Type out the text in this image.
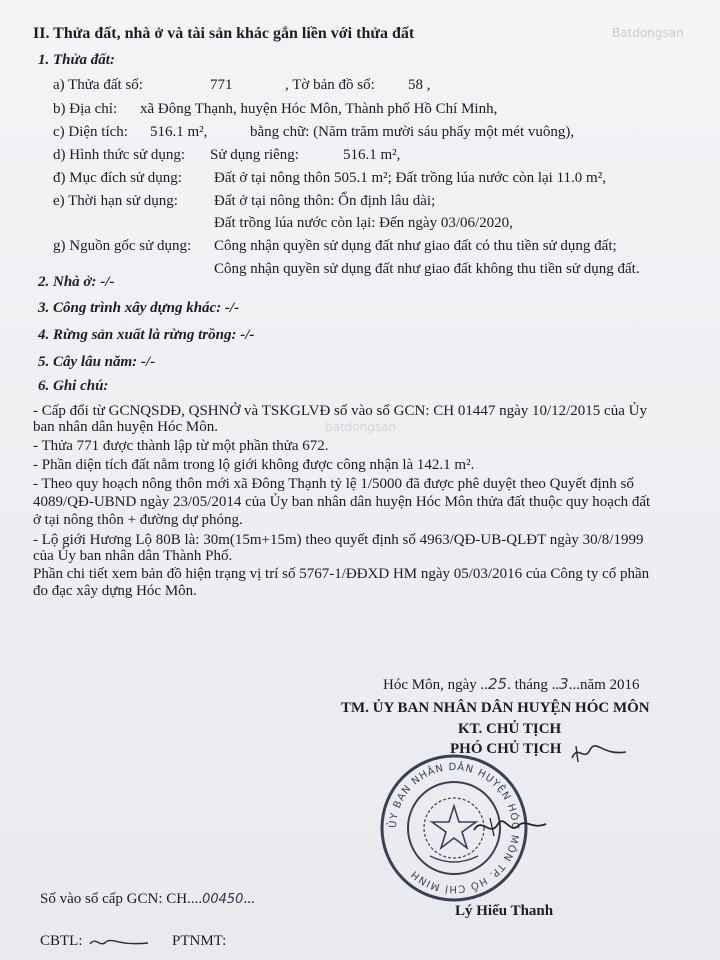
Batdongsan
batdongsan
II. Thửa đất, nhà ở và tài sản khác gắn liền với thửa đất
1. Thửa đất:
a) Thửa đất số:	771	, Tờ bản đồ số: 58 ,
b) Địa chỉ: xã Đông Thạnh, huyện Hóc Môn, Thành phố Hồ Chí Minh,
c) Diện tích: 516.1 m²,	bằng chữ: (Năm trăm mười sáu phẩy một mét vuông),
d) Hình thức sử dụng: Sử dụng riêng:	516.1 m²,
đ) Mục đích sử dụng: Đất ở tại nông thôn 505.1 m²; Đất trồng lúa nước còn lại 11.0 m²,
e) Thời hạn sử dụng: Đất ở tại nông thôn: Ổn định lâu dài;
Đất trồng lúa nước còn lại: Đến ngày 03/06/2020,
g) Nguồn gốc sử dụng: Công nhận quyền sử dụng đất như giao đất có thu tiền sử dụng đất;
Công nhận quyền sử dụng đất như giao đất không thu tiền sử dụng đất.
2. Nhà ở: -/-
3. Công trình xây dựng khác: -/-
4. Rừng sản xuất là rừng trồng: -/-
5. Cây lâu năm: -/-
6. Ghi chú:
- Cấp đổi từ GCNQSDĐ, QSHNỞ và TSKGLVĐ số vào sổ GCN: CH 01447 ngày 10/12/2015 của Ủy
ban nhân dân huyện Hóc Môn.
- Thửa 771 được thành lập từ một phần thửa 672.
- Phần diện tích đất nằm trong lộ giới không được công nhận là 142.1 m².
- Theo quy hoạch nông thôn mới xã Đông Thạnh tỷ lệ 1/5000 đã được phê duyệt theo Quyết định số
4089/QĐ-UBND ngày 23/05/2014 của Ủy ban nhân dân huyện Hóc Môn thửa đất thuộc quy hoạch đất
ở tại nông thôn + đường dự phóng.
- Lộ giới Hương Lộ 80B là: 30m(15m+15m) theo quyết định số 4963/QĐ-UB-QLĐT ngày 30/8/1999
của Ủy ban nhân dân Thành Phố.
Phần chi tiết xem bản đồ hiện trạng vị trí số 5767-1/ĐĐXD HM ngày 05/03/2016 của Công ty cổ phần
đo đạc xây dựng Hóc Môn.
Hóc Môn, ngày ..25. tháng ..3...năm 2016
TM. ỦY BAN NHÂN DÂN HUYỆN HÓC MÔN
KT. CHỦ TỊCH
PHÓ CHỦ TỊCH
ỦY BAN NHÂN DÂN HUYỆN HÓC MÔN TP. HỒ CHÍ MINH
Lý Hiếu Thanh
Số vào sổ cấp GCN: CH....00450...
CBTL:	PTNMT:
